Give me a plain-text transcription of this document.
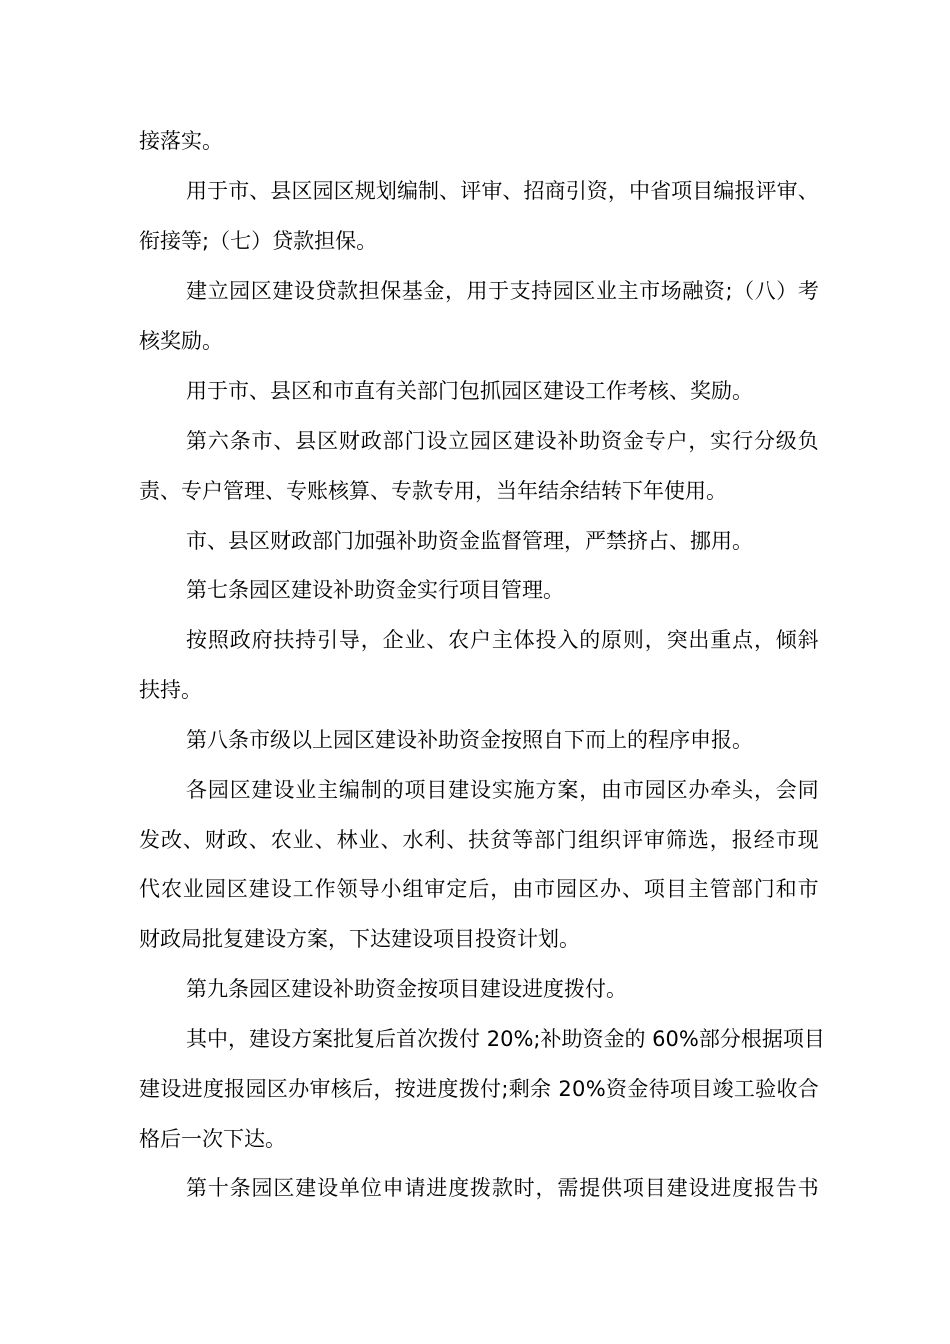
接落实。
用 于 市 、 县 区 园 区 规 划 编 制 、 评 审 、 招 商 引 资 ， 中 省 项 目 编 报 评 审 、
衔接等;（七）贷款担保。
建 立 园 区 建 设 贷 款 担 保 基 金 ， 用 于 支 持 园 区 业 主 市 场 融 资 ; （ 八 ） 考
核奖励。
用于市、县区和市直有关部门包抓园区建设工作考核、奖励。
第 六 条 市 、 县 区 财 政 部 门 设 立 园 区 建 设 补 助 资 金 专 户 ， 实 行 分 级 负
责、专户管理、专账核算、专款专用，当年结余结转下年使用。
市、县区财政部门加强补助资金监督管理，严禁挤占、挪用。
第七条园区建设补助资金实行项目管理。
按 照 政 府 扶 持 引 导 ， 企 业 、 农 户 主 体 投 入 的 原 则 ， 突 出 重 点 ， 倾 斜
扶持。
第八条市级以上园区建设补助资金按照自下而上的程序申报。
各 园 区 建 设 业 主 编 制 的 项 目 建 设 实 施 方 案 ， 由 市 园 区 办 牵 头 ， 会 同
发 改 、 财 政 、 农 业 、 林 业 、 水 利 、 扶 贫 等 部 门 组 织 评 审 筛 选 ， 报 经 市 现
代 农 业 园 区 建 设 工 作 领 导 小 组 审 定 后 ， 由 市 园 区 办 、 项 目 主 管 部 门 和 市
财政局批复建设方案，下达建设项目投资计划。
第九条园区建设补助资金按项目建设进度拨付。
其 中 ， 建 设 方 案 批 复 后 首 次 拨 付
2 0 % ; 补 助 资 金 的
6 0 % 部 分 根 据 项 目
建 设 进 度 报 园 区 办 审 核 后 ， 按 进 度 拨 付 ; 剩 余
2 0 % 资 金 待 项 目 竣 工 验 收 合
格后一次下达。
第 十 条 园 区 建 设 单 位 申 请 进 度 拨 款 时 ， 需 提 供 项 目 建 设 进 度 报 告 书
